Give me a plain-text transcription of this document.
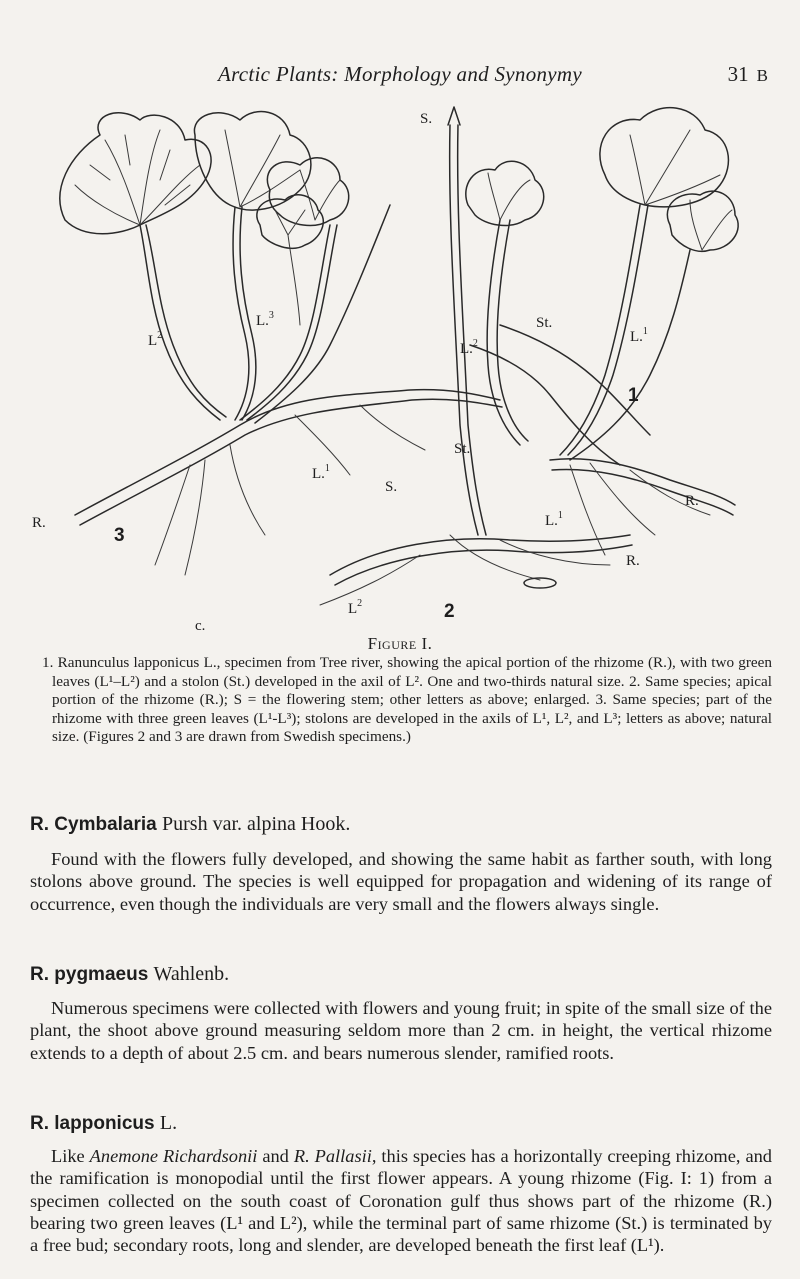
Arctic Plants: Morphology and Synonymy	31 B
S.
L.$^3$
$L^2$
L.$^2$
St.
L.$^1$
1
St.
L.$^1$
S.
R.
3
L.$^1$
R.
R.
$L^2$	2
c.
Figure I.

1. Ranunculus lapponicus L., specimen from Tree river, showing the apical portion of the rhizome (R.), with two green leaves (L¹–L²) and a stolon (St.) developed in the axil of L². One and two-thirds natural size. 2. Same species; apical portion of the rhizome (R.); S = the flowering stem; other letters as above; enlarged. 3. Same species; part of the rhizome with three green leaves (L¹-L³); stolons are developed in the axils of L¹, L², and L³; letters as above; natural size. (Figures 2 and 3 are drawn from Swedish specimens.)

R. Cymbalaria Pursh var. alpina Hook.

Found with the flowers fully developed, and showing the same habit as farther south, with long stolons above ground. The species is well equipped for propagation and widening of its range of occurrence, even though the individuals are very small and the flowers always single.

R. pygmaeus Wahlenb.

Numerous specimens were collected with flowers and young fruit; in spite of the small size of the plant, the shoot above ground measuring seldom more than 2 cm. in height, the vertical rhizome extends to a depth of about 2.5 cm. and bears numerous slender, ramified roots.

R. lapponicus L.

Like Anemone Richardsonii and R. Pallasii, this species has a horizontally creeping rhizome, and the ramification is monopodial until the first flower appears. A young rhizome (Fig. I: 1) from a specimen collected on the south coast of Coronation gulf thus shows part of the rhizome (R.) bearing two green leaves (L¹ and L²), while the terminal part of same rhizome (St.) is terminated by a free bud; secondary roots, long and slender, are developed beneath the first leaf (L¹).
